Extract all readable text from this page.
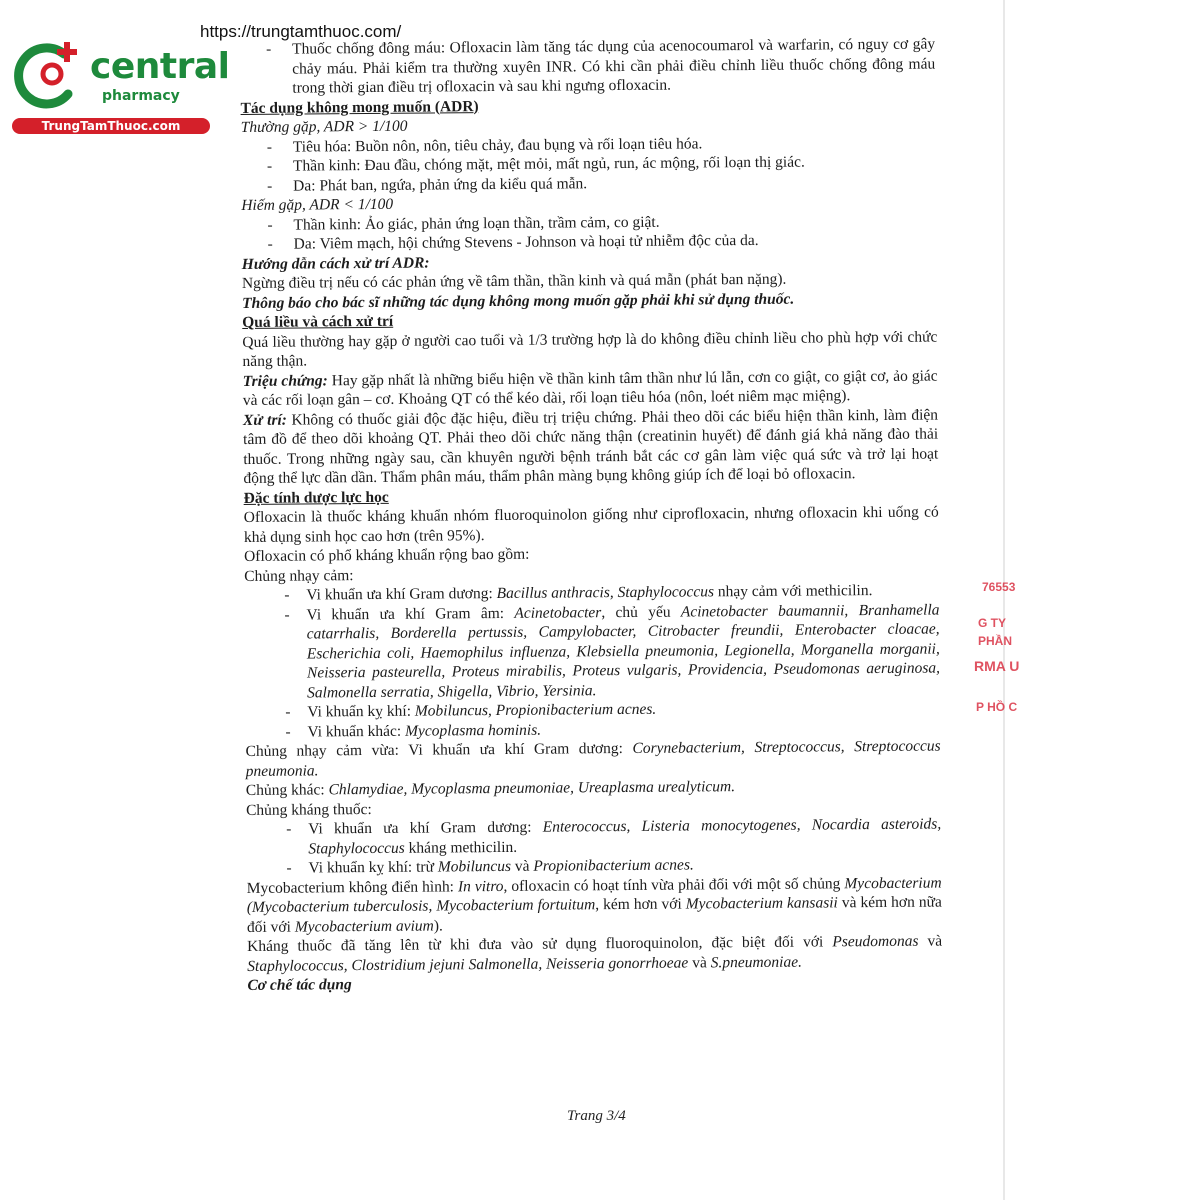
https://trungtamthuoc.com/
central
pharmacy
TrungTamThuoc.com
76553
G TY
PHẦN
RMA U
P HỒ C

- Thuốc chống đông máu: Ofloxacin làm tăng tác dụng của acenocoumarol và warfarin, có nguy cơ gây chảy máu. Phải kiểm tra thường xuyên INR. Có khi cần phải điều chỉnh liều thuốc chống đông máu trong thời gian điều trị ofloxacin và sau khi ngưng ofloxacin.

Tác dụng không mong muốn (ADR)

Thường gặp, ADR > 1/100

- Tiêu hóa: Buồn nôn, nôn, tiêu chảy, đau bụng và rối loạn tiêu hóa.

- Thần kinh: Đau đầu, chóng mặt, mệt mỏi, mất ngủ, run, ác mộng, rối loạn thị giác.

- Da: Phát ban, ngứa, phản ứng da kiểu quá mẫn.

Hiếm gặp, ADR < 1/100

- Thần kinh: Ảo giác, phản ứng loạn thần, trầm cảm, co giật.

- Da: Viêm mạch, hội chứng Stevens - Johnson và hoại tử nhiễm độc của da.

Hướng dẫn cách xử trí ADR:

Ngừng điều trị nếu có các phản ứng về tâm thần, thần kinh và quá mẫn (phát ban nặng).

Thông báo cho bác sĩ những tác dụng không mong muốn gặp phải khi sử dụng thuốc.

Quá liều và cách xử trí

Quá liều thường hay gặp ở người cao tuổi và 1/3 trường hợp là do không điều chỉnh liều cho phù hợp với chức năng thận.

Triệu chứng: Hay gặp nhất là những biểu hiện về thần kinh tâm thần như lú lẫn, cơn co giật, co giật cơ, ảo giác và các rối loạn gân – cơ. Khoảng QT có thể kéo dài, rối loạn tiêu hóa (nôn, loét niêm mạc miệng).

Xử trí: Không có thuốc giải độc đặc hiệu, điều trị triệu chứng. Phải theo dõi các biểu hiện thần kinh, làm điện tâm đồ để theo dõi khoảng QT. Phải theo dõi chức năng thận (creatinin huyết) để đánh giá khả năng đào thải thuốc. Trong những ngày sau, cần khuyên người bệnh tránh bắt các cơ gân làm việc quá sức và trở lại hoạt động thể lực dần dần. Thẩm phân máu, thẩm phân màng bụng không giúp ích để loại bỏ ofloxacin.

Đặc tính dược lực học

Ofloxacin là thuốc kháng khuẩn nhóm fluoroquinolon giống như ciprofloxacin, nhưng ofloxacin khi uống có khả dụng sinh học cao hơn (trên 95%).

Ofloxacin có phổ kháng khuẩn rộng bao gồm:

Chủng nhạy cảm:

- Vi khuẩn ưa khí Gram dương: Bacillus anthracis, Staphylococcus nhạy cảm với methicilin.

- Vi khuẩn ưa khí Gram âm: Acinetobacter, chủ yếu Acinetobacter baumannii, Branhamella catarrhalis, Borderella pertussis, Campylobacter, Citrobacter freundii, Enterobacter cloacae, Escherichia coli, Haemophilus influenza, Klebsiella pneumonia, Legionella, Morganella morganii, Neisseria pasteurella, Proteus mirabilis, Proteus vulgaris, Providencia, Pseudomonas aeruginosa, Salmonella serratia, Shigella, Vibrio, Yersinia.

- Vi khuẩn kỵ khí: Mobiluncus, Propionibacterium acnes.

- Vi khuẩn khác: Mycoplasma hominis.

Chủng nhạy cảm vừa: Vi khuẩn ưa khí Gram dương: Corynebacterium, Streptococcus, Streptococcus pneumonia.

Chủng khác: Chlamydiae, Mycoplasma pneumoniae, Ureaplasma urealyticum.

Chủng kháng thuốc:

- Vi khuẩn ưa khí Gram dương: Enterococcus, Listeria monocytogenes, Nocardia asteroids, Staphylococcus kháng methicilin.

- Vi khuẩn kỵ khí: trừ Mobiluncus và Propionibacterium acnes.

Mycobacterium không điển hình: In vitro, ofloxacin có hoạt tính vừa phải đối với một số chủng Mycobacterium (Mycobacterium tuberculosis, Mycobacterium fortuitum, kém hơn với Mycobacterium kansasii và kém hơn nữa đối với Mycobacterium avium).

Kháng thuốc đã tăng lên từ khi đưa vào sử dụng fluoroquinolon, đặc biệt đối với Pseudomonas và Staphylococcus, Clostridium jejuni Salmonella, Neisseria gonorrhoeae và S.pneumoniae.

Cơ chế tác dụng

Trang 3/4
